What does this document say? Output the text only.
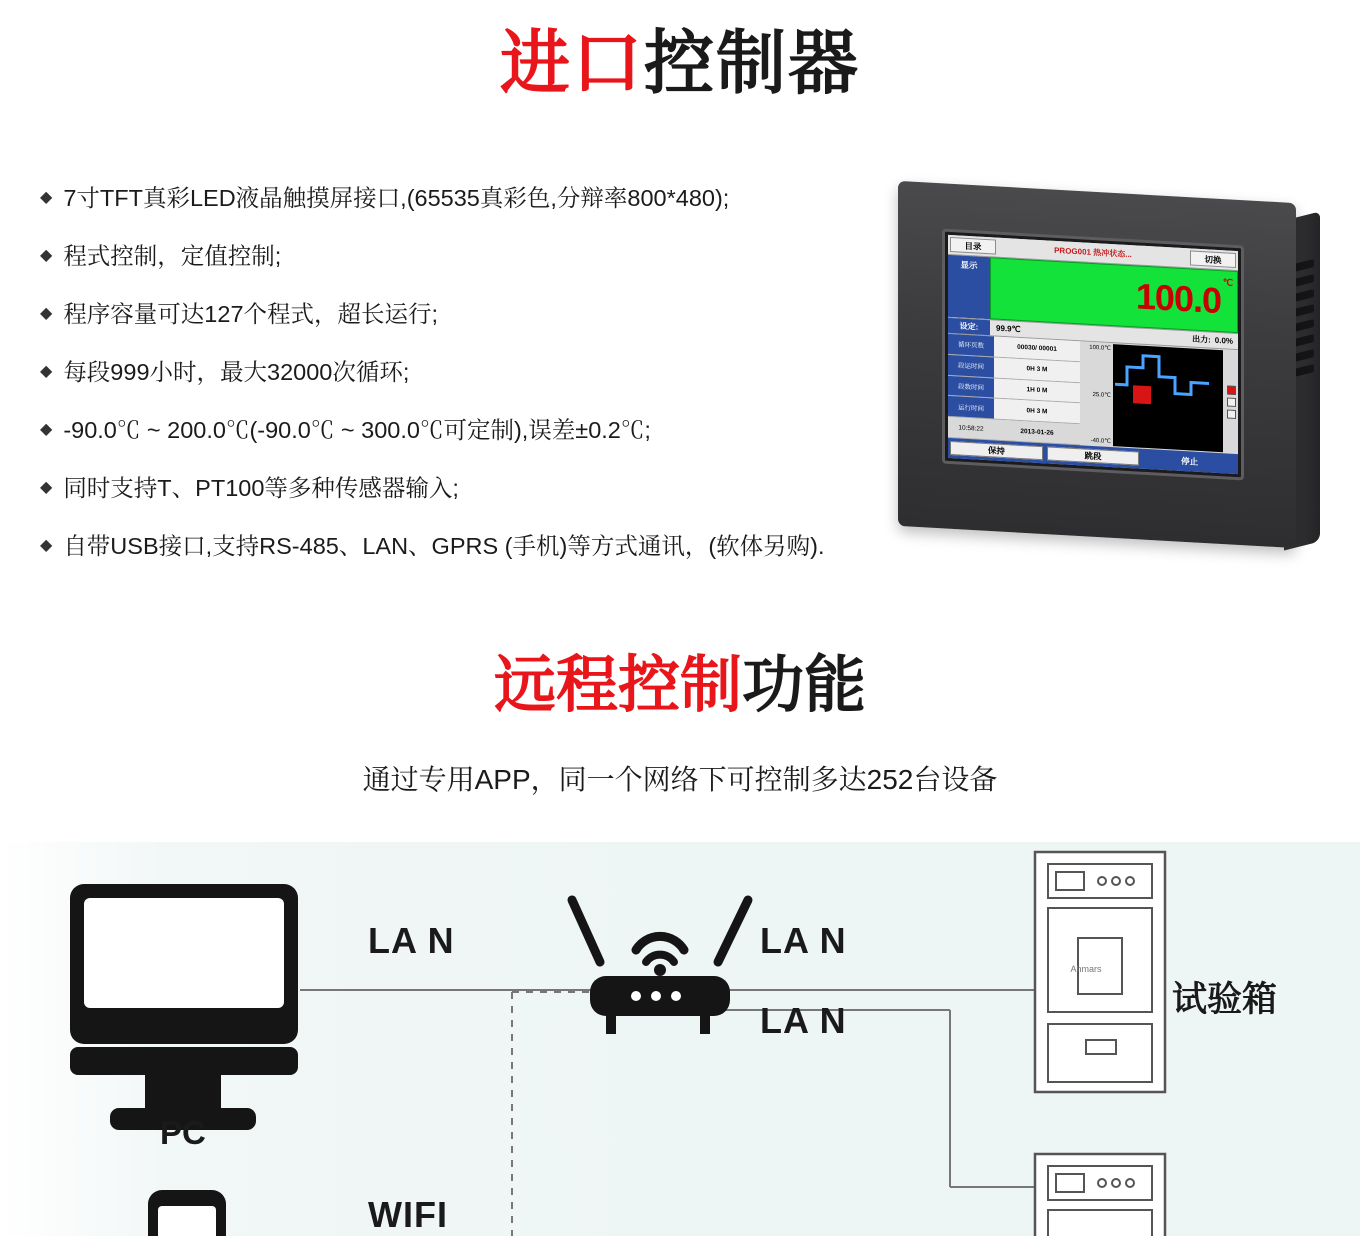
进口控制器
◆ 7寸TFT真彩LED液晶触摸屏接口,(65535真彩色,分辩率800*480);
◆ 程式控制，定值控制;
◆ 程序容量可达127个程式，超长运行;
◆ 每段999小时，最大32000次循环;
◆ -90.0℃ ~ 200.0℃(-90.0℃ ~ 300.0℃可定制),误差±0.2℃;
◆ 同时支持T、PT100等多种传感器输入;
◆ 自带USB接口,支持RS-485、LAN、GPRS (手机)等方式通讯，(软体另购).
目录
PROG001 热冲状态...
切换
显示
℃
100.0
设定:	99.9℃
出力: 0.0%
循环页数	00030/ 00001
段运时间	0H 3 M
段数时间	1H 0 M
运行时间	0H 3 M
10:58:22	2013-01-26
100.0℃
25.0℃
-40.0℃
保持	跳段	停止
远程控制功能
通过专用APP，同一个网络下可控制多达252台设备
Ahmars
LA N	LA N
LA N
WIFI
PC
试验箱
